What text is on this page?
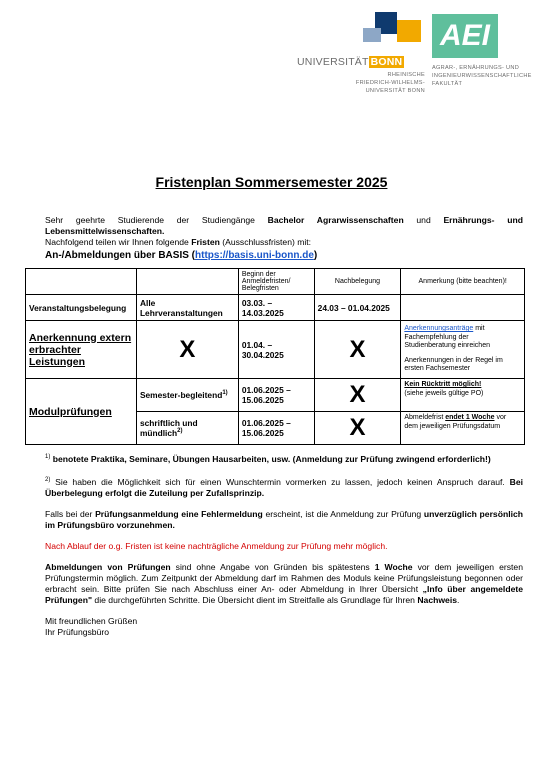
UNIVERSITÄT BONN
RHEINISCHE
FRIEDRICH-WILHELMS-
UNIVERSITÄT BONN
AEI
AGRAR-, ERNÄHRUNGS- UND
INGENIEURWISSENSCHAFTLICHE
FAKULTÄT
Fristenplan Sommersemester 2025
Sehr geehrte Studierende der Studiengänge Bachelor Agrarwissenschaften und Ernährungs- und
Lebensmittelwissenschaften.
Nachfolgend teilen wir Ihnen folgende Fristen (Ausschlussfristen) mit:
An-/Abmeldungen über BASIS (https://basis.uni-bonn.de)
		Beginn der Anmeldefristen/ Belegfristen	Nachbelegung	Anmerkung (bitte beachten)!
Veranstaltungsbelegung	Alle Lehrveranstaltungen	03.03. – 14.03.2025	24.03 – 01.04.2025	
Anerkennung extern erbrachter Leistungen	X	01.04. – 30.04.2025	X	Anerkennungsanträge mit Fachempfehlung der Studienberatung einreichen
Anerkennungen in der Regel im ersten Fachsemester
Modulprüfungen	Semester-begleitend$^{1)}$	01.06.2025 – 15.06.2025	X	Kein Rücktritt möglich!
(siehe jeweils gültige PO)

	schriftlich und mündlich$^{2)}$	01.06.2025 – 15.06.2025	X	Abmeldefrist endet 1 Woche vor dem jeweiligen Prüfungsdatum

$^{1)}$ benotete Praktika, Seminare, Übungen Hausarbeiten, usw. (Anmeldung zur Prüfung zwingend erforderlich!)

$^{2)}$ Sie haben die Möglichkeit sich für einen Wunschtermin vormerken zu lassen, jedoch keinen Anspruch darauf. Bei Überbelegung erfolgt die Zuteilung per Zufallsprinzip.

Falls bei der Prüfungsanmeldung eine Fehlermeldung erscheint, ist die Anmeldung zur Prüfung unverzüglich persönlich im Prüfungsbüro vorzunehmen.

Nach Ablauf der o.g. Fristen ist keine nachträgliche Anmeldung zur Prüfung mehr möglich.

Abmeldungen von Prüfungen sind ohne Angabe von Gründen bis spätestens 1 Woche vor dem jeweiligen ersten Prüfungstermin möglich. Zum Zeitpunkt der Abmeldung darf im Rahmen des Moduls keine Prüfungsleistung begonnen oder erbracht sein. Bitte prüfen Sie nach Abschluss einer An- oder Abmeldung in Ihrer Übersicht „Info über angemeldete Prüfungen" die durchgeführten Schritte. Die Übersicht dient im Streitfalle als Grundlage für Ihren Nachweis.

Mit freundlichen Grüßen
Ihr Prüfungsbüro
